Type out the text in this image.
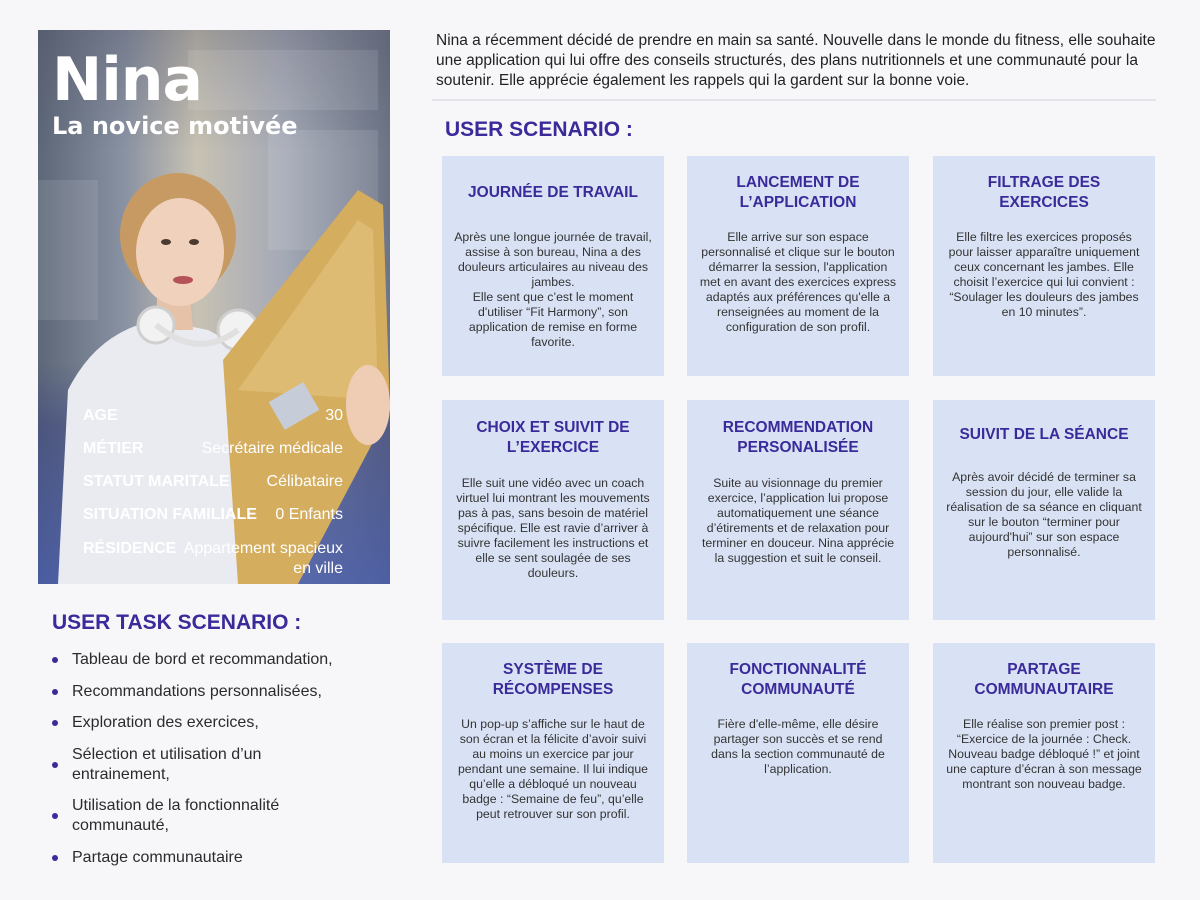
Nina
La novice motivée
AGE	30
MÉTIER	Secrétaire médicale
STATUT MARITALE Célibataire
SITUATION FAMILIALE 0 Enfants
RÉSIDENCE Appartement spacieux en ville

Nina a récemment décidé de prendre en main sa santé. Nouvelle dans le monde du fitness, elle souhaite une application qui lui offre des conseils structurés, des plans nutritionnels et une communauté pour la soutenir. Elle apprécie également les rappels qui la gardent sur la bonne voie.

USER SCENARIO :
JOURNÉE DE TRAVAIL

Après une longue journée de travail, assise à son bureau, Nina a des douleurs articulaires au niveau des jambes.
Elle sent que c’est le moment d'utiliser “Fit Harmony”, son application de remise en forme favorite.

LANCEMENT DE L’APPLICATION

Elle arrive sur son espace personnalisé et clique sur le bouton démarrer la session, l'application met en avant des exercices express adaptés aux préférences qu'elle a renseignées au moment de la configuration de son profil.

FILTRAGE DES EXERCICES

Elle filtre les exercices proposés pour laisser apparaître uniquement ceux concernant les jambes. Elle choisit l’exercice qui lui convient : “Soulager les douleurs des jambes en 10 minutes”.

CHOIX ET SUIVIT DE L’EXERCICE

Elle suit une vidéo avec un coach virtuel lui montrant les mouvements pas à pas, sans besoin de matériel spécifique. Elle est ravie d’arriver à suivre facilement les instructions et elle se sent soulagée de ses douleurs.

RECOMMENDATION PERSONALISÉE

Suite au visionnage du premier exercice, l’application lui propose automatiquement une séance d’étirements et de relaxation pour terminer en douceur. Nina apprécie la suggestion et suit le conseil.

SUIVIT DE LA SÉANCE

Après avoir décidé de terminer sa session du jour, elle valide la réalisation de sa séance en cliquant sur le bouton “terminer pour aujourd'hui” sur son espace personnalisé.

SYSTÈME DE RÉCOMPENSES

Un pop-up s’affiche sur le haut de son écran et la félicite d’avoir suivi au moins un exercice par jour pendant une semaine. Il lui indique qu’elle a débloqué un nouveau badge : “Semaine de feu”, qu’elle peut retrouver sur son profil.

FONCTIONNALITÉ COMMUNAUTÉ

Fière d'elle-même, elle désire partager son succès et se rend dans la section communauté de l’application.

PARTAGE COMMUNAUTAIRE

Elle réalise son premier post : “Exercice de la journée : Check. Nouveau badge débloqué !” et joint une capture d’écran à son message montrant son nouveau badge.

USER TASK SCENARIO :
Tableau de bord et recommandation,
Recommandations personnalisées,
Exploration des exercices,
Sélection et utilisation d’un entrainement,
Utilisation de la fonctionnalité communauté,
Partage communautaire
